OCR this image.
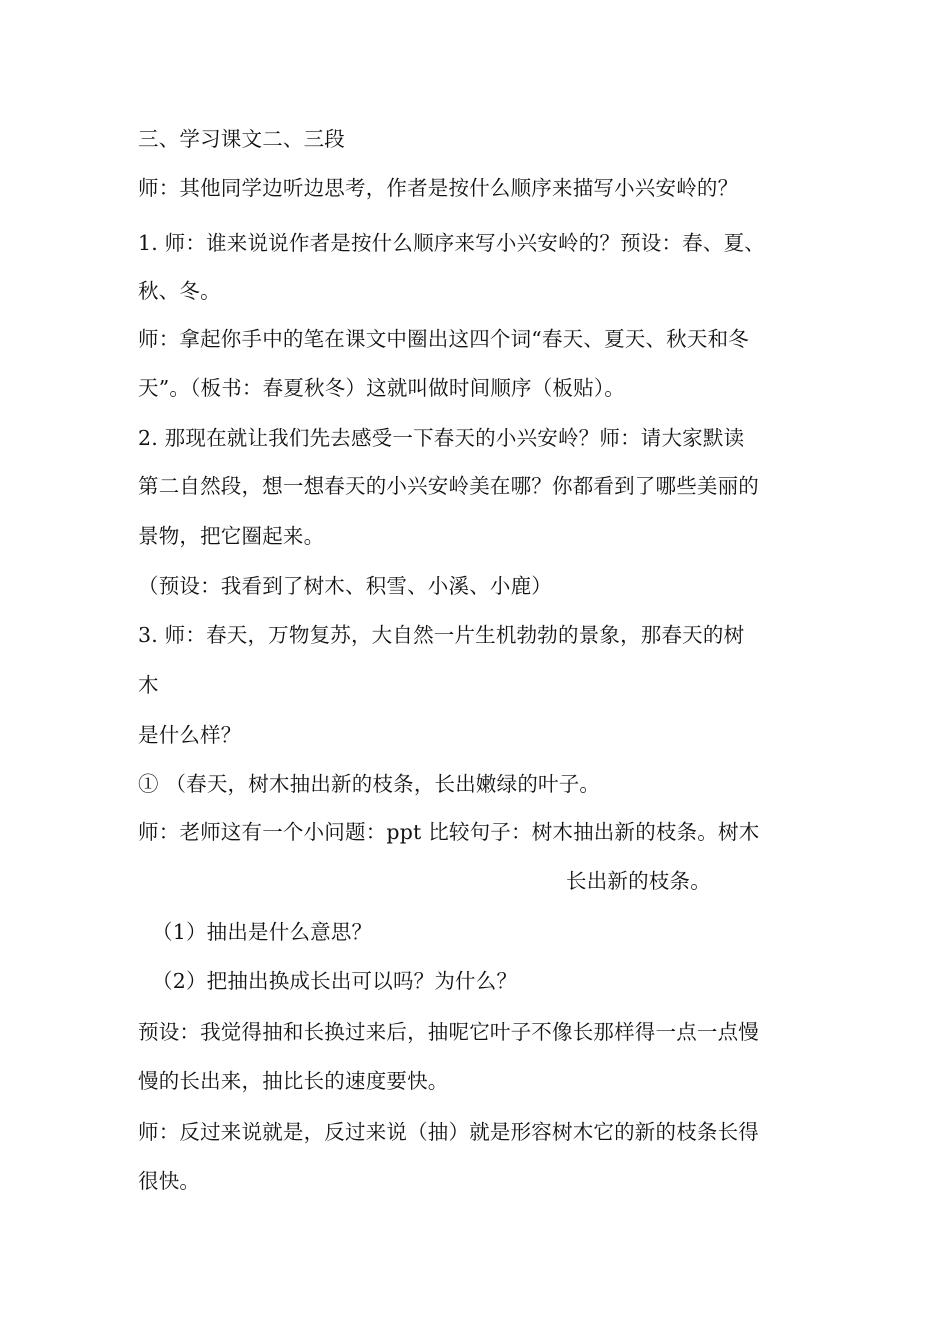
三、学习课文二、三段
师：其他同学边听边思考，作者是按什么顺序来描写小兴安岭的？
1. 师：谁来说说作者是按什么顺序来写小兴安岭的？预设：春、夏、
秋、冬。
师：拿起你手中的笔在课文中圈出这四个词“春天、夏天、秋天和冬
天”。（板书：春夏秋冬）这就叫做时间顺序（板贴）。
2. 那现在就让我们先去感受一下春天的小兴安岭？师：请大家默读
第二自然段，想一想春天的小兴安岭美在哪？你都看到了哪些美丽的
景物，把它圈起来。
（预设：我看到了树木、积雪、小溪、小鹿）
3. 师：春天，万物复苏，大自然一片生机勃勃的景象，那春天的树
木
是什么样？
① （春天，树木抽出新的枝条，长出嫩绿的叶子。
师：老师这有一个小问题：ppt 比较句子：树木抽出新的枝条。树木
长出新的枝条。
（1）抽出是什么意思？
（2）把抽出换成长出可以吗？为什么？
预设：我觉得抽和长换过来后，抽呢它叶子不像长那样得一点一点慢
慢的长出来，抽比长的速度要快。
师：反过来说就是，反过来说（抽）就是形容树木它的新的枝条长得
很快。
